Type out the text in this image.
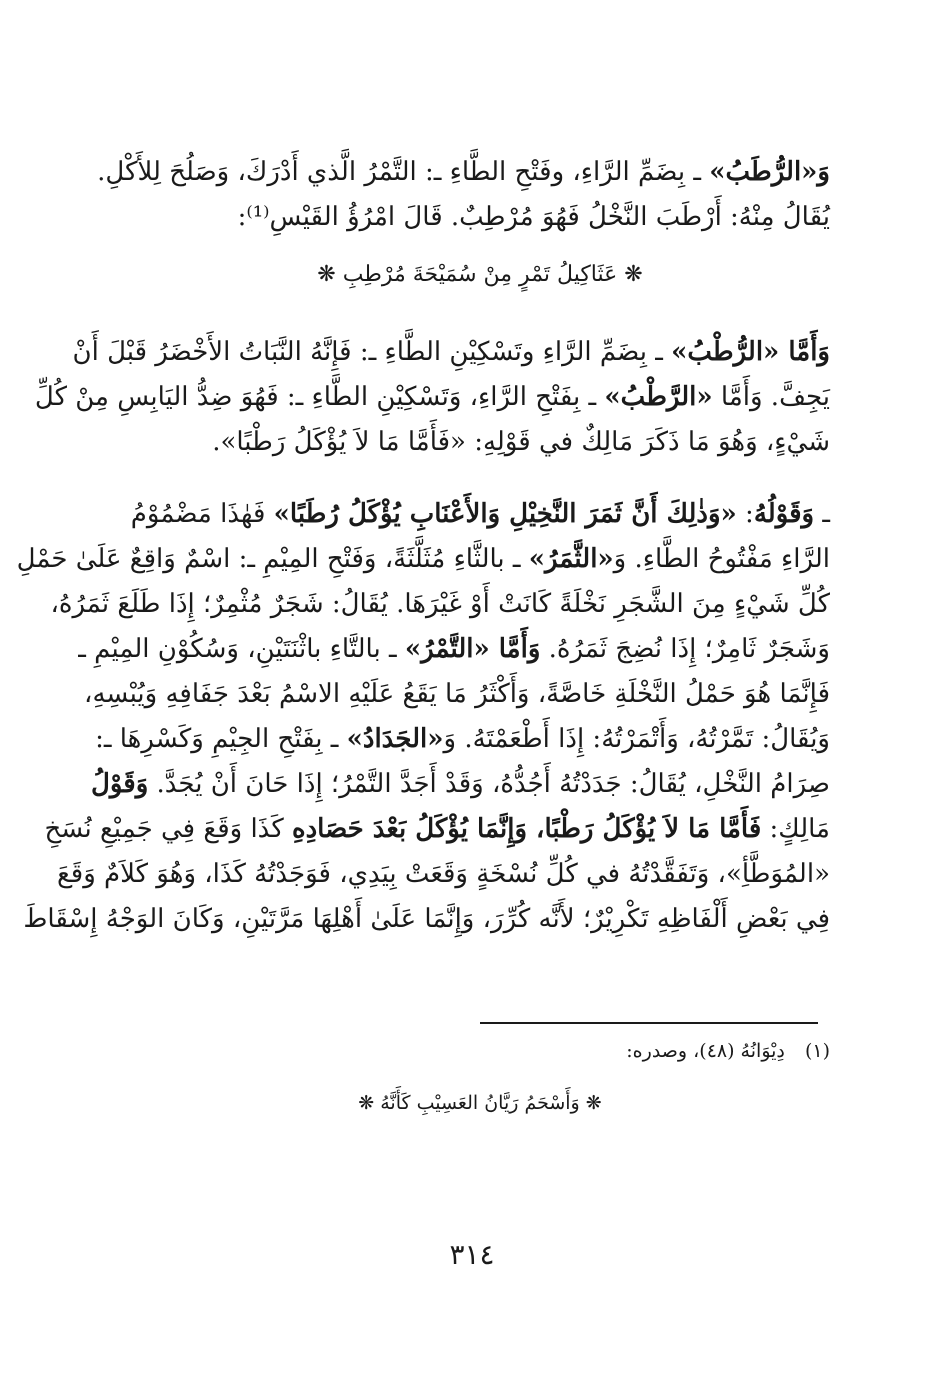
وَ«الرُّطَبُ» ـ بِضَمِّ الرَّاءِ، وفَتْحِ الطَّاءِ ـ: التَّمْرُ الَّذي أَدْرَكَ، وَصَلُحَ لِلأَكْلِ.
يُقَالُ مِنْهُ: أَرْطَبَ النَّخْلُ فَهُوَ مُرْطِبٌ. قَالَ امْرُؤُ القَيْسِ⁽¹⁾:
❋ عَثَاكِيلُ تَمْرٍ مِنْ سُمَيْحَةَ مُرْطِبِ ❋
وَأَمَّا «الرُّطْبُ» ـ بِضَمِّ الرَّاءِ وتَسْكِيْنِ الطَّاءِ ـ: فَإِنَّهُ النَّبَاتُ الأَخْضَرُ قَبْلَ أَنْ
يَجِفَّ. وَأَمَّا «الرَّطْبُ» ـ بِفَتْحِ الرَّاءِ، وَتَسْكِيْنِ الطَّاءِ ـ: فَهُوَ ضِدُّ اليَابِسِ مِنْ كُلِّ
شَيْءٍ، وَهُوَ مَا ذَكَرَ مَالِكٌ في قَوْلِهِ: «فَأَمَّا مَا لاَ يُؤْكَلُ رَطْبًا».
ـ وَقَوْلُهُ: «وَذٰلِكَ أَنَّ ثَمَرَ النَّخِيْلِ وَالأَعْنَابِ يُؤْكَلُ رُطَبًا» فَهٰذَا مَضْمُوْمُ
الرَّاءِ مَفْتُوحُ الطَّاءِ. وَ«الثَّمَرُ» ـ بالثَّاءِ مُثَلَّثَةً، وَفَتْحِ المِيْمِ ـ: اسْمٌ وَاقِعٌ عَلَىٰ حَمْلِ
كُلِّ شَيْءٍ مِنَ الشَّجَرِ نَخْلَةً كَانَتْ أَوْ غَيْرَهَا. يُقَالُ: شَجَرٌ مُثْمِرٌ؛ إِذَا طَلَعَ ثَمَرُهُ،
وَشَجَرٌ ثَامِرٌ؛ إِذَا نُضِجَ ثَمَرُهُ. وَأَمَّا «التَّمْرُ» ـ بالتَّاءِ باثْنَتَيْنِ، وَسُكُوْنِ المِيْمِ ـ
فَإِنَّمَا هُوَ حَمْلُ النَّخْلَةِ خَاصَّةً، وَأَكْثَرُ مَا يَقَعُ عَلَيْهِ الاسْمُ بَعْدَ جَفَافِهِ وَيُبْسِهِ،
وَيُقَالُ: تَمَّرْتُهُ، وَأَتْمَرْتُهُ: إِذَا أَطْعَمْتَهُ. وَ«الجَدَادُ» ـ بِفَتْحِ الجِيْمِ وَكَسْرِهَا ـ:
صِرَامُ النَّخْلِ، يُقَالُ: جَدَدْتُهُ أَجُدُّهُ، وَقَدْ أَجَدَّ التَّمْرُ؛ إِذَا حَانَ أَنْ يُجَدَّ. وَقَوْلُ
مَالِكٍ: فَأَمَّا مَا لاَ يُؤْكَلُ رَطْبًا، وَإِنَّمَا يُؤْكَلُ بَعْدَ حَصَادِهِ كَذَا وَقَعَ فِي جَمِيْعِ نُسَخِ
«المُوَطَّأِ»، وَتَفَقَّدْتُهُ في كُلِّ نُسْخَةٍ وَقَعَتْ بِيَدِي، فَوَجَدْتُهُ كَذَا، وَهُوَ كَلاَمٌ وَقَعَ
فِي بَعْضِ أَلْفَاظِهِ تَكْرِيْرٌ؛ لأَنَّه كُرِّرَ، وَإِنَّمَا عَلَىٰ أَهْلِهَا مَرَّتَيْنِ، وَكَانَ الوَجْهُ إِسْقَاطَ
(١) دِيْوَانُهُ (٤٨)، وصدره:
❋ وَأَسْحَمُ رَيَّانُ العَسِيْبِ كَأَنَّهُ ❋
٣١٤
